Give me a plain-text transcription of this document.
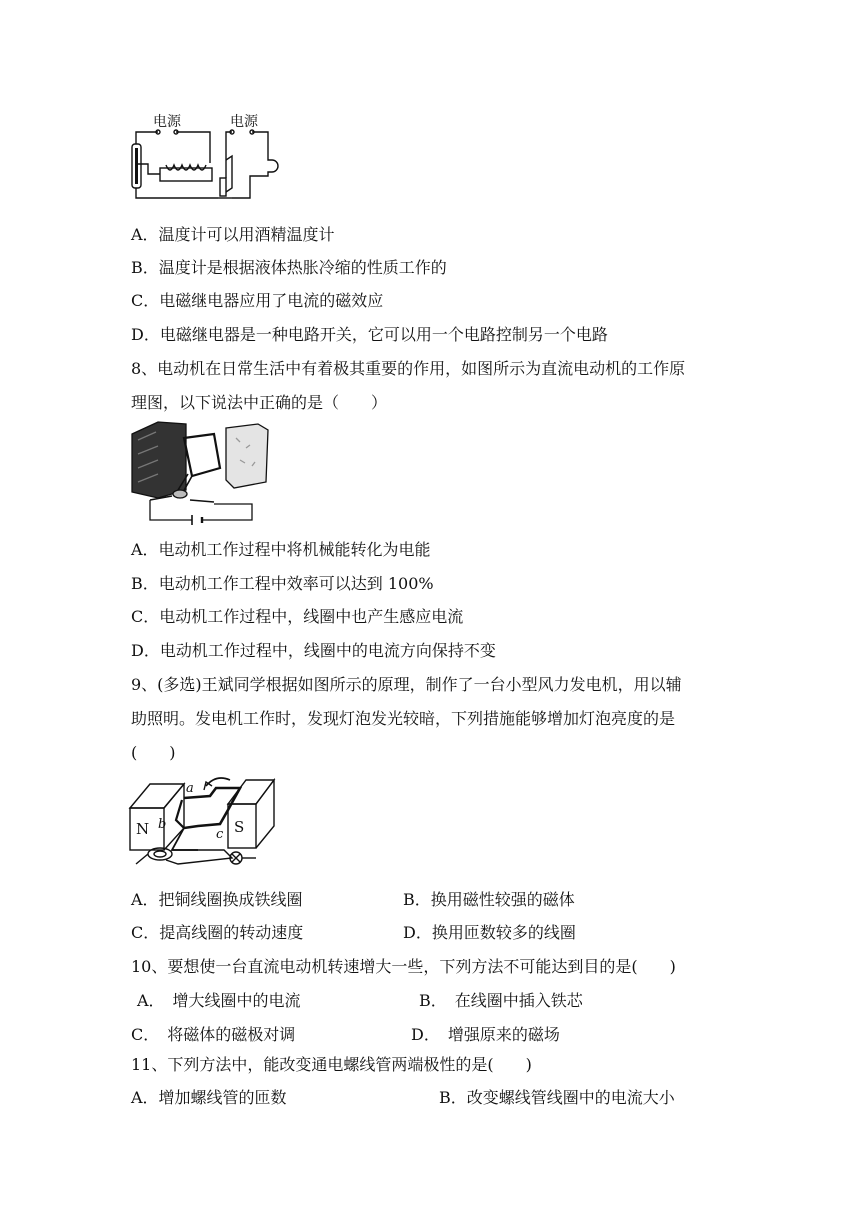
电源	电源
A．温度计可以用酒精温度计
B．温度计是根据液体热胀冷缩的性质工作的
C．电磁继电器应用了电流的磁效应
D．电磁继电器是一种电路开关，它可以用一个电路控制另一个电路
8、电动机在日常生活中有着极其重要的作用，如图所示为直流电动机的工作原
理图，以下说法中正确的是（　　）
A．电动机工作过程中将机械能转化为电能
B．电动机工作工程中效率可以达到 100%
C．电动机工作过程中，线圈中也产生感应电流
D．电动机工作过程中，线圈中的电流方向保持不变
9、(多选)王斌同学根据如图所示的原理，制作了一台小型风力发电机，用以辅
助照明。发电机工作时，发现灯泡发光较暗，下列措施能够增加灯泡亮度的是
(　　)
N	S
a
b
c
A．把铜线圈换成铁线圈	B．换用磁性较强的磁体
C．提高线圈的转动速度	D．换用匝数较多的线圈
10、要想使一台直流电动机转速增大一些，下列方法不可能达到目的是(　　)
A．　增大线圈中的电流	B．　在线圈中插入铁芯
C．　将磁体的磁极对调	D．　增强原来的磁场
11、下列方法中，能改变通电螺线管两端极性的是(　　)
A．增加螺线管的匝数	B．改变螺线管线圈中的电流大小
